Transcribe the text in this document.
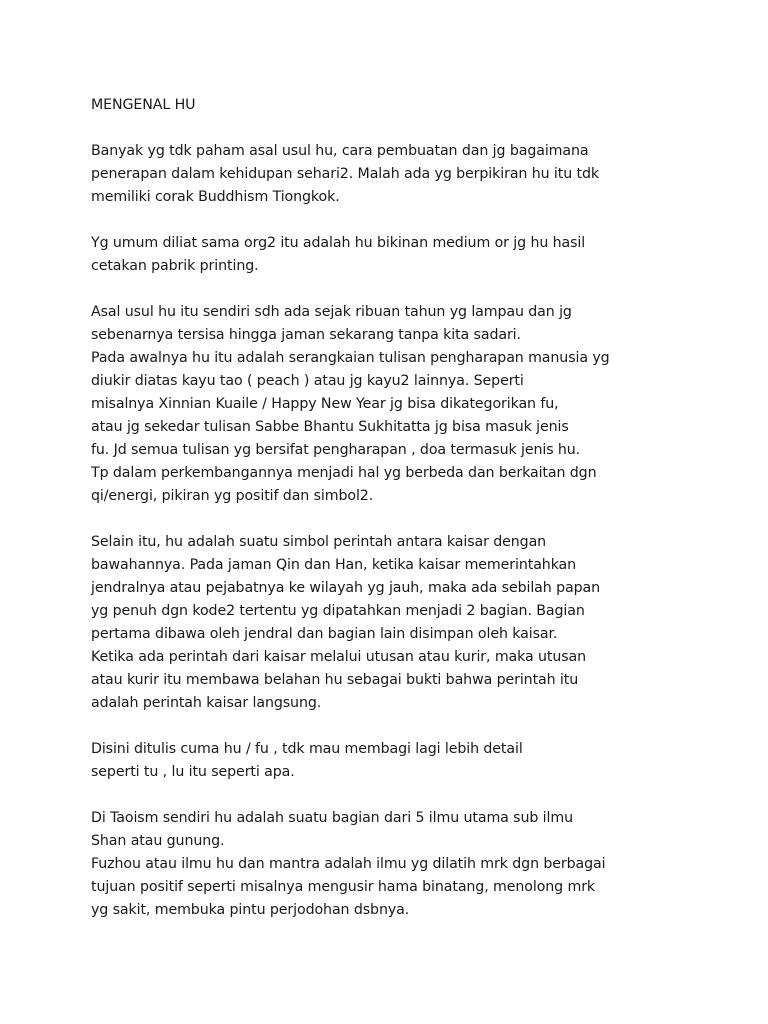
MENGENAL HU
Banyak yg tdk paham asal usul hu, cara pembuatan dan jg bagaimana
penerapan dalam kehidupan sehari2. Malah ada yg berpikiran hu itu tdk
memiliki corak Buddhism Tiongkok.
Yg umum diliat sama org2 itu adalah hu bikinan medium or jg hu hasil
cetakan pabrik printing.
Asal usul hu itu sendiri sdh ada sejak ribuan tahun yg lampau dan jg
sebenarnya tersisa hingga jaman sekarang tanpa kita sadari.
Pada awalnya hu itu adalah serangkaian tulisan pengharapan manusia yg
diukir diatas kayu tao ( peach ) atau jg kayu2 lainnya. Seperti
misalnya Xinnian Kuaile / Happy New Year jg bisa dikategorikan fu,
atau jg sekedar tulisan Sabbe Bhantu Sukhitatta jg bisa masuk jenis
fu. Jd semua tulisan yg bersifat pengharapan , doa termasuk jenis hu.
Tp dalam perkembangannya menjadi hal yg berbeda dan berkaitan dgn
qi/energi, pikiran yg positif dan simbol2.
Selain itu, hu adalah suatu simbol perintah antara kaisar dengan
bawahannya. Pada jaman Qin dan Han, ketika kaisar memerintahkan
jendralnya atau pejabatnya ke wilayah yg jauh, maka ada sebilah papan
yg penuh dgn kode2 tertentu yg dipatahkan menjadi 2 bagian. Bagian
pertama dibawa oleh jendral dan bagian lain disimpan oleh kaisar.
Ketika ada perintah dari kaisar melalui utusan atau kurir, maka utusan
atau kurir itu membawa belahan hu sebagai bukti bahwa perintah itu
adalah perintah kaisar langsung.
Disini ditulis cuma hu / fu , tdk mau membagi lagi lebih detail
seperti tu , lu itu seperti apa.
Di Taoism sendiri hu adalah suatu bagian dari 5 ilmu utama sub ilmu
Shan atau gunung.
Fuzhou atau ilmu hu dan mantra adalah ilmu yg dilatih mrk dgn berbagai
tujuan positif seperti misalnya mengusir hama binatang, menolong mrk
yg sakit, membuka pintu perjodohan dsbnya.
